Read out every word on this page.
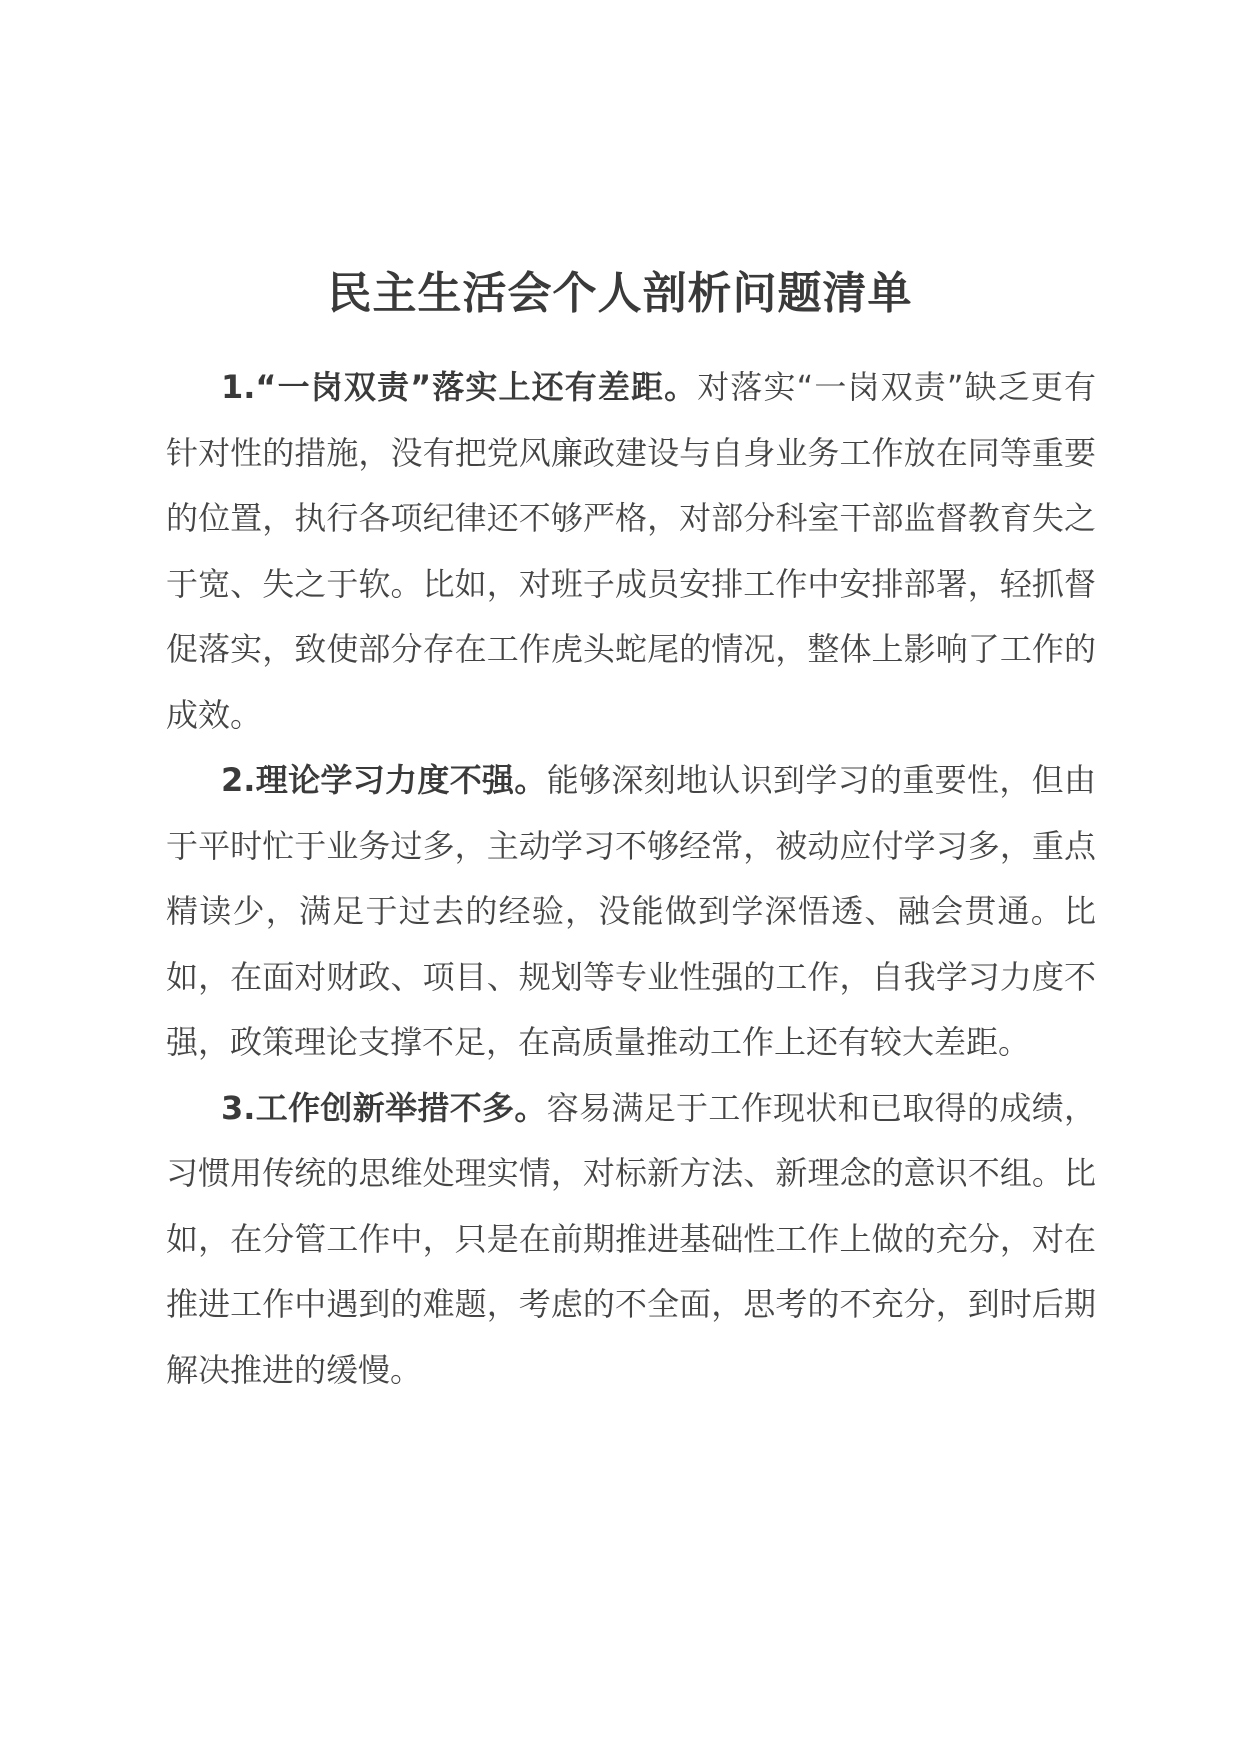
民主生活会个人剖析问题清单

1.“一岗双责”落实上还有差距。对落实“一岗双责”缺乏更有针对性的措施，没有把党风廉政建设与自身业务工作放在同等重要的位置，执行各项纪律还不够严格，对部分科室干部监督教育失之于宽、失之于软。比如，对班子成员安排工作中安排部署，轻抓督促落实，致使部分存在工作虎头蛇尾的情况，整体上影响了工作的成效。

2.理论学习力度不强。能够深刻地认识到学习的重要性，但由于平时忙于业务过多，主动学习不够经常，被动应付学习多，重点精读少，满足于过去的经验，没能做到学深悟透、融会贯通。比如，在面对财政、项目、规划等专业性强的工作，自我学习力度不强，政策理论支撑不足，在高质量推动工作上还有较大差距。

3.工作创新举措不多。容易满足于工作现状和已取得的成绩，习惯用传统的思维处理实情，对标新方法、新理念的意识不组。比如，在分管工作中，只是在前期推进基础性工作上做的充分，对在推进工作中遇到的难题，考虑的不全面，思考的不充分，到时后期解决推进的缓慢。
